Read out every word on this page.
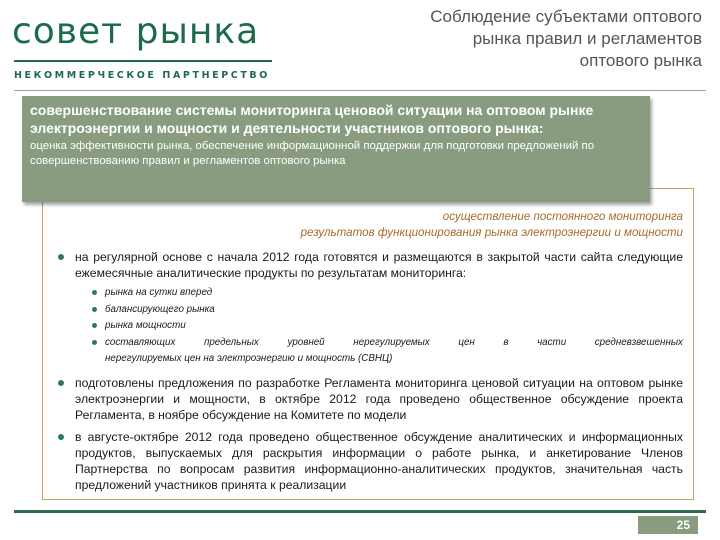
совет рынка
НЕКОММЕРЧЕСКОЕ ПАРТНЕРСТВО
Соблюдение субъектами оптового
рынка правил и регламентов
оптового рынка
осуществление постоянного мониторинга
результатов функционирования рынка электроэнергии и мощности
на регулярной основе с начала 2012 года готовятся и размещаются в закрытой части сайта следующие ежемесячные аналитические продукты по результатам мониторинга:
рынка на сутки вперед
балансирующего рынка
рынка мощности
составляющих	предельных	уровней	нерегулируемых	цен	в	части	средневзвешенных
нерегулируемых цен на электроэнергию и мощность (СВНЦ)
подготовлены предложения по разработке Регламента мониторинга ценовой ситуации на оптовом рынке электроэнергии и мощности, в октябре 2012 года проведено общественное обсуждение проекта Регламента, в ноябре обсуждение на Комитете по модели
в августе-октябре 2012 года проведено общественное обсуждение аналитических и информационных продуктов, выпускаемых для раскрытия информации о работе рынка, и анкетирование Членов Партнерства по вопросам развития информационно-аналитических продуктов, значительная часть предложений участников принята к реализации
совершенствование системы мониторинга ценовой ситуации на оптовом рынке электроэнергии и мощности и деятельности участников оптового рынка:
оценка эффективности рынка, обеспечение информационной поддержки для подготовки предложений по совершенствованию правил и регламентов оптового рынка
25
